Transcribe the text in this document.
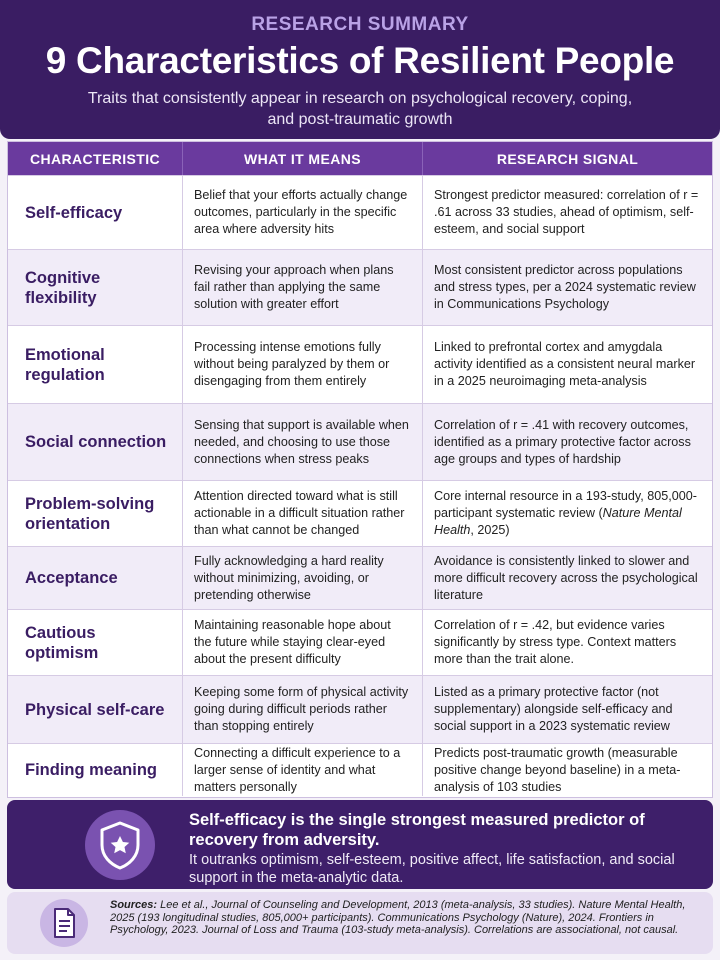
RESEARCH SUMMARY
9 Characteristics of Resilient People
Traits that consistently appear in research on psychological recovery, coping, and post-traumatic growth
CHARACTERISTIC	WHAT IT MEANS	RESEARCH SIGNAL
Self-efficacy
Belief that your efforts actually change outcomes, particularly in the specific area where adversity hits
Strongest predictor measured: correlation of r = .61 across 33 studies, ahead of optimism, self-esteem, and social support
Cognitive flexibility
Revising your approach when plans fail rather than applying the same solution with greater effort
Most consistent predictor across populations and stress types, per a 2024 systematic review in Communications Psychology
Emotional regulation
Processing intense emotions fully without being paralyzed by them or disengaging from them entirely
Linked to prefrontal cortex and amygdala activity identified as a consistent neural marker in a 2025 neuroimaging meta-analysis
Social connection
Sensing that support is available when needed, and choosing to use those connections when stress peaks
Correlation of r = .41 with recovery outcomes, identified as a primary protective factor across age groups and types of hardship
Problem-solving orientation
Attention directed toward what is still actionable in a difficult situation rather than what cannot be changed
Core internal resource in a 193-study, 805,000-participant systematic review (Nature Mental Health, 2025)
Acceptance
Fully acknowledging a hard reality without minimizing, avoiding, or pretending otherwise
Avoidance is consistently linked to slower and more difficult recovery across the psychological literature
Cautious optimism
Maintaining reasonable hope about the future while staying clear-eyed about the present difficulty
Correlation of r = .42, but evidence varies significantly by stress type. Context matters more than the trait alone.
Physical self-care
Keeping some form of physical activity going during difficult periods rather than stopping entirely
Listed as a primary protective factor (not supplementary) alongside self-efficacy and social support in a 2023 systematic review
Finding meaning
Connecting a difficult experience to a larger sense of identity and what matters personally
Predicts post-traumatic growth (measurable positive change beyond baseline) in a meta-analysis of 103 studies
Self-efficacy is the single strongest measured predictor of recovery from adversity.
It outranks optimism, self-esteem, positive affect, life satisfaction, and social support in the meta-analytic data.
Sources: Lee et al., Journal of Counseling and Development, 2013 (meta-analysis, 33 studies). Nature Mental Health, 2025 (193 longitudinal studies, 805,000+ participants). Communications Psychology (Nature), 2024. Frontiers in Psychology, 2023. Journal of Loss and Trauma (103-study meta-analysis). Correlations are associational, not causal.
